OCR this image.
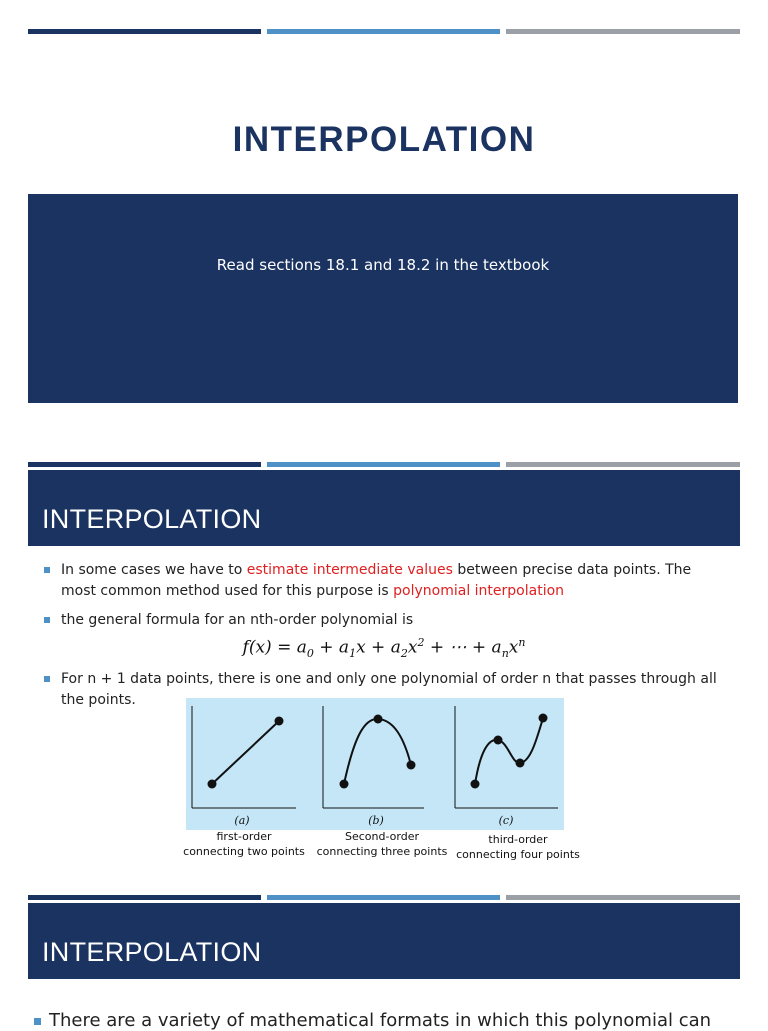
INTERPOLATION
Read sections 18.1 and 18.2 in the textbook
INTERPOLATION
In some cases we have to estimate intermediate values between precise data points. The most common method used for this purpose is polynomial interpolation
the general formula for an nth-order polynomial is
$f(x) = a_0 + a_1x + a_2x^2$ + ⋯ + $a_nx^n$
For n + 1 data points, there is one and only one polynomial of order n that passes through all the points.
(a)	(b)	(c)
first-order
connecting two points
Second-order
connecting three points
third-order
connecting four points
INTERPOLATION
There are a variety of mathematical formats in which this polynomial can
